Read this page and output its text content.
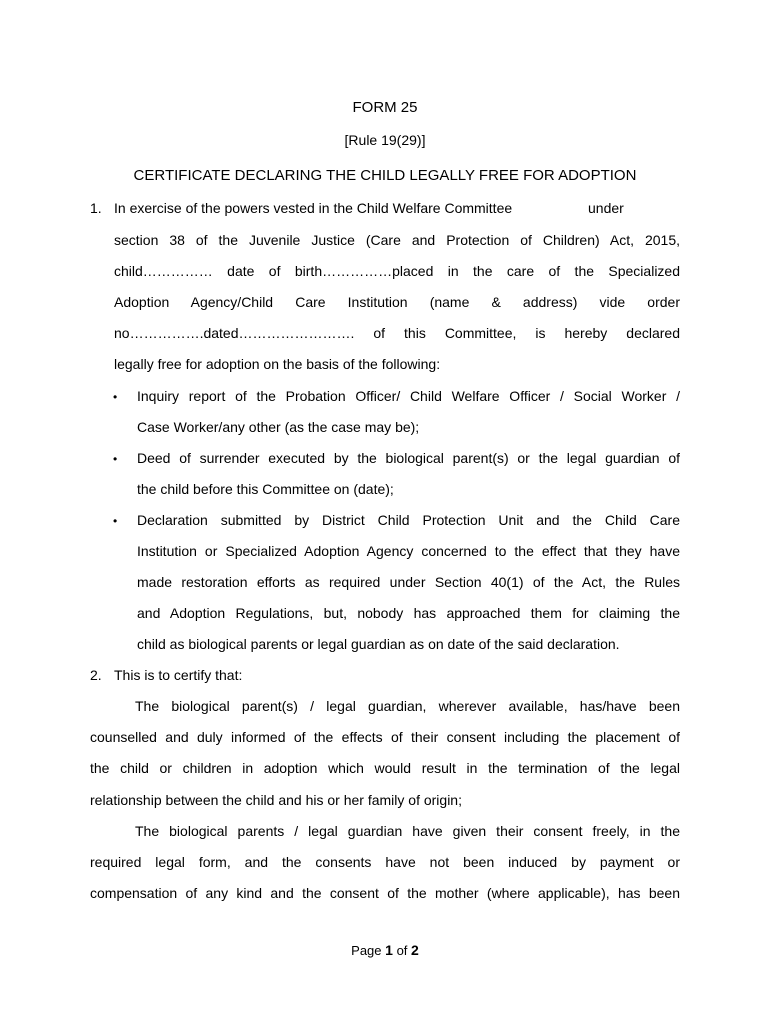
FORM 25
[Rule 19(29)]
CERTIFICATE DECLARING THE CHILD LEGALLY FREE FOR ADOPTION
1. In exercise of the powers vested in the Child Welfare Committee	under
section 38 of the Juvenile Justice (Care and Protection of Children) Act, 2015,
child…………… date of birth……………placed in the care of the Specialized
Adoption Agency/Child Care Institution (name & address) vide order
no…………….dated……………………. of this Committee, is hereby declared
legally free for adoption on the basis of the following:
• Inquiry report of the Probation Officer/ Child Welfare Officer / Social Worker /
Case Worker/any other (as the case may be);
• Deed of surrender executed by the biological parent(s) or the legal guardian of
the child before this Committee on (date);
• Declaration submitted by District Child Protection Unit and the Child Care
Institution or Specialized Adoption Agency concerned to the effect that they have
made restoration efforts as required under Section 40(1) of the Act, the Rules
and Adoption Regulations, but, nobody has approached them for claiming the
child as biological parents or legal guardian as on date of the said declaration.
2. This is to certify that:
The biological parent(s) / legal guardian, wherever available, has/have been
counselled and duly informed of the effects of their consent including the placement of
the child or children in adoption which would result in the termination of the legal
relationship between the child and his or her family of origin;
The biological parents / legal guardian have given their consent freely, in the
required legal form, and the consents have not been induced by payment or
compensation of any kind and the consent of the mother (where applicable), has been
Page 1 of 2
